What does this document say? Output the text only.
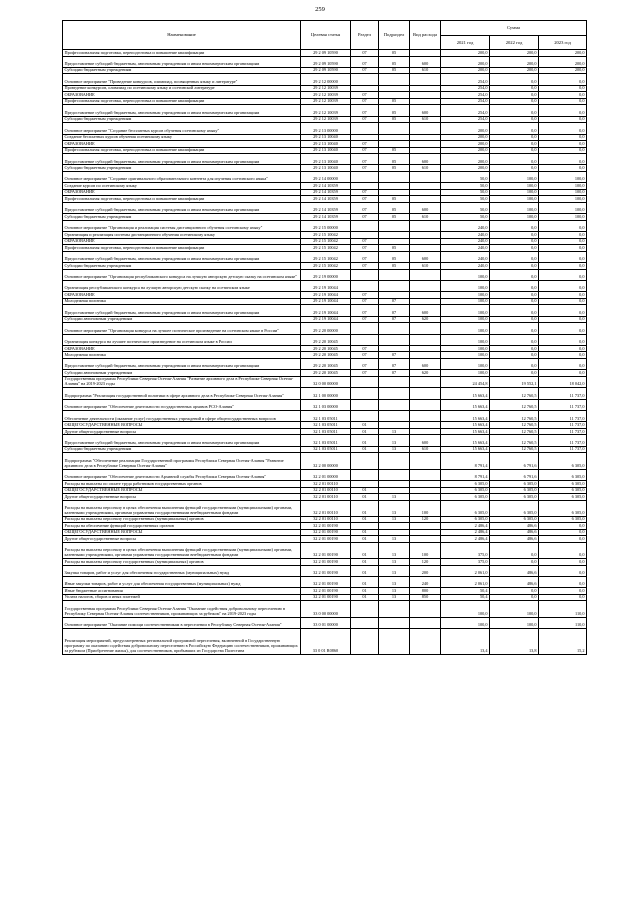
259
Наименование	Целевая статья	Раздел	Подраздел	Вид расхода	Сумма		
					2021 год	2022 год	2023 год
Профессиональная подготовка, переподготовка и повышение квалификации	29 2 09 10590	07	05		200,0	200,0	200,0
Предоставление субсидий бюджетным, автономным учреждениям и иным некоммерческим организациям	29 2 09 10590	07	05	600	200,0	200,0	200,0
Субсидии бюджетным учреждениям	29 2 09 10590	07	05	610	200,0	200,0	200,0
Основное мероприятие "Проведение конкурсов, олимпиад, посвященных языку и литературе"	29 2 12 00000				254,0	0,0	0,0
Проведение конкурсов, олимпиад по осетинскому языку и осетинской литературе	29 2 12 10039				254,0	0,0	0,0
ОБРАЗОВАНИЕ	29 2 12 10039	07			254,0	0,0	0,0
Профессиональная подготовка, переподготовка и повышение квалификации	29 2 12 10039	07	05		254,0	0,0	0,0
Предоставление субсидий бюджетным, автономным учреждениям и иным некоммерческим организациям	29 2 12 10039	07	05	600	254,0	0,0	0,0
Субсидии бюджетным учреждениям	29 2 12 10039	07	05	610	254,0	0,0	0,0
Основное мероприятие "Создание бесплатных курсов обучения осетинскому языку"	29 2 13 00000				200,0	0,0	0,0
Создание бесплатных курсов обучения осетинскому языку	29 2 13 10040				200,0	0,0	0,0
ОБРАЗОВАНИЕ	29 2 13 10040	07			200,0	0,0	0,0
Профессиональная подготовка, переподготовка и повышение квалификации	29 2 13 10040	07	05		200,0	0,0	0,0
Предоставление субсидий бюджетным, автономным учреждениям и иным некоммерческим организациям	29 2 13 10040	07	05	600	200,0	0,0	0,0
Субсидии бюджетным учреждениям	29 2 13 10040	07	05	610	200,0	0,0	0,0
Основное мероприятие "Создание оригинального образовательного контента для изучения осетинского языка"	29 2 14 00000				50,0	100,0	100,0
Создание курсов по осетинскому языку	29 2 14 10359				50,0	100,0	100,0
ОБРАЗОВАНИЕ	29 2 14 10359	07			50,0	100,0	100,0
Профессиональная подготовка, переподготовка и повышение квалификации	29 2 14 10359	07	05		50,0	100,0	100,0
Предоставление субсидий бюджетным, автономным учреждениям и иным некоммерческим организациям	29 2 14 10359	07	05	600	50,0	100,0	100,0
Субсидии бюджетным учреждениям	29 2 14 10359	07	05	610	50,0	100,0	100,0
Основное мероприятие "Организация и реализация системы дистанционного обучения осетинскому языку"	29 2 15 00000				240,0	0,0	0,0
Организация и реализация системы дистанционного обучения осетинскому языку	29 2 15 10042				240,0	0,0	0,0
ОБРАЗОВАНИЕ	29 2 15 10042	07			240,0	0,0	0,0
Профессиональная подготовка, переподготовка и повышение квалификации	29 2 15 10042	07	05		240,0	0,0	0,0
Предоставление субсидий бюджетным, автономным учреждениям и иным некоммерческим организациям	29 2 15 10042	07	05	600	240,0	0,0	0,0
Субсидии бюджетным учреждениям	29 2 15 10042	07	05	610	240,0	0,0	0,0
Основное мероприятие "Организация республиканского конкурса на лучшую авторскую детскую сказку на осетинском языке"	29 2 19 00000				100,0	0,0	0,0
Организация республиканского конкурса на лучшую авторскую детскую сказку на осетинском языке	29 2 19 10044				100,0	0,0	0,0
ОБРАЗОВАНИЕ	29 2 19 10044	07			100,0	0,0	0,0
Молодежная политика	29 2 19 10044	07	07		100,0	0,0	0,0
Предоставление субсидий бюджетным, автономным учреждениям и иным некоммерческим организациям	29 2 19 10044	07	07	600	100,0	0,0	0,0
Субсидии автономным учреждениям	29 2 19 10044	07	07	620	100,0	0,0	0,0
Основное мероприятие "Организация конкурса на лучшее поэтическое произведение на осетинском языке в России"	29 2 20 00000				100,0	0,0	0,0
Организация конкурса на лучшее поэтическое произведение на осетинском языке в России	29 2 20 10045				100,0	0,0	0,0
ОБРАЗОВАНИЕ	29 2 20 10045	07			100,0	0,0	0,0
Молодежная политика	29 2 20 10045	07	07		100,0	0,0	0,0
Предоставление субсидий бюджетным, автономным учреждениям и иным некоммерческим организациям	29 2 20 10045	07	07	600	100,0	0,0	0,0
Субсидии автономным учреждениям	29 2 20 10045	07	07	620	100,0	0,0	0,0
Государственная программа Республики Северная Осетия-Алания "Развитие архивного дела в Республике Северная Осетия-Алания" на 2019-2023 годы	32 0 00 00000				24 454,8	19 552,1	18 042,0
Подпрограмма "Реализация государственной политики в сфере архивного дела в Республике Северная Осетия-Алания"	32 1 00 00000				15 663,4	12 760,5	11 737,0
Основное мероприятие "Обеспечение деятельности государственных архивов РСО-Алания"	32 1 03 00000				15 663,4	12 760,5	11 737,0
Обеспечение деятельности (оказание услуг) государственных учреждений в сфере общегосударственных вопросов	32 1 03 05011				15 663,4	12 760,5	11 737,0
ОБЩЕГОСУДАРСТВЕННЫЕ ВОПРОСЫ	32 1 03 05011	01			15 663,4	12 760,5	11 737,0
Другие общегосударственные вопросы	32 1 03 05011	01	13		15 663,4	12 760,5	11 737,0
Предоставление субсидий бюджетным, автономным учреждениям и иным некоммерческим организациям	32 1 03 05011	01	13	600	15 663,4	12 760,5	11 737,0
Субсидии бюджетным учреждениям	32 1 03 05011	01	13	610	15 663,4	12 760,5	11 737,0
Подпрограмма "Обеспечение реализации Государственной программы Республики Северная Осетия-Алания "Развитие архивного дела в Республике Северная Осетия-Алания"	32 2 00 00000				8 791,4	6 791,6	6 305,0
Основное мероприятие "Обеспечение деятельности Архивной службы Республики Северная Осетия-Алания"	32 2 01 00000				8 791,4	6 791,6	6 305,0
Расходы на выплаты по оплате труда работников государственных органов	32 2 01 00110				6 305,0	6 305,0	6 305,0
ОБЩЕГОСУДАРСТВЕННЫЕ ВОПРОСЫ	32 2 01 00110	01			6 305,0	6 305,0	6 305,0
Другие общегосударственные вопросы	32 2 01 00110	01	13		6 305,0	6 305,0	6 305,0
Расходы на выплаты персоналу в целях обеспечения выполнения функций государственными (муниципальными) органами, казенными учреждениями, органами управления государственными внебюджетными фондами	32 2 01 00110	01	13	100	6 305,0	6 305,0	6 305,0
Расходы на выплаты персоналу государственных (муниципальных) органов	32 2 01 00110	01	13	120	6 305,0	6 305,0	6 305,0
Расходы на обеспечение функций государственных органов	32 2 01 00190				2 486,4	486,6	0,0
ОБЩЕГОСУДАРСТВЕННЫЕ ВОПРОСЫ	32 2 01 00190	01			2 486,4	486,6	0,0
Другие общегосударственные вопросы	32 2 01 00190	01	13		2 486,4	486,6	0,0
Расходы на выплаты персоналу в целях обеспечения выполнения функций государственными (муниципальными) органами, казенными учреждениями, органами управления государственными внебюджетными фондами	32 2 01 00190	01	13	100	375,0	0,0	0,0
Расходы на выплаты персоналу государственных (муниципальных) органов	32 2 01 00190	01	13	120	375,0	0,0	0,0
Закупка товаров, работ и услуг для обеспечения государственных (муниципальных) нужд	32 2 01 00190	01	13	200	2 061,0	486,6	0,0
Иные закупки товаров, работ и услуг для обеспечения государственных (муниципальных) нужд	32 2 01 00190	01	13	240	2 061,0	486,6	0,0
Иные бюджетные ассигнования	32 2 01 00190	01	13	800	50,4	0,0	0,0
Уплата налогов, сборов и иных платежей	32 2 01 00190	01	13	850	50,4	0,0	0,0
Государственная программа Республики Северная Осетия-Алания "Оказание содействия добровольному переселению в Республику Северная Осетия-Алания соотечественников, проживающих за рубежом" на 2019-2023 годы	33 0 00 00000				100,0	100,0	110,0
Основное мероприятие "Оказание помощи соотечественникам в переселении в Республику Северная Осетия-Алания"	33 0 01 00000				100,0	100,0	110,0
Реализация мероприятий, предусмотренных региональной программой переселения, включенной в Государственную программу по оказанию содействия добровольному переселению в Российскую Федерацию соотечественников, проживающих за рубежом (Приобретение жилья), для соотечественников, прибывших из Государства Палестина	33 0 01 R0860				13,4	13,8	15,2
